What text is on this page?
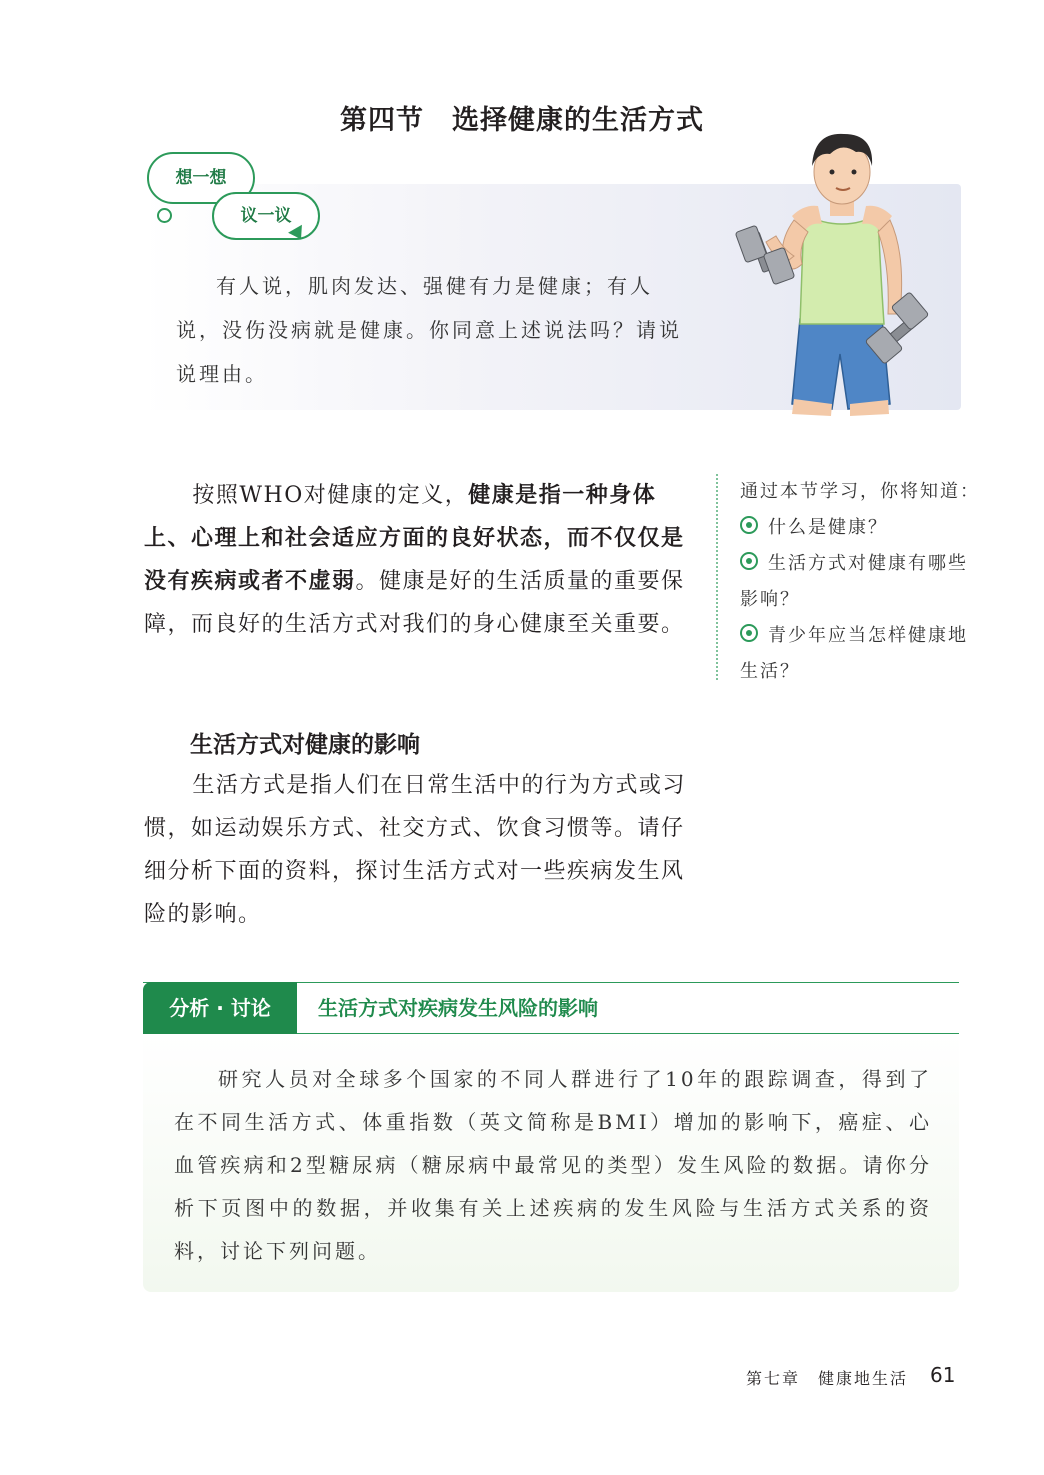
第四节　选择健康的生活方式
想一想
议一议
有人说，肌肉发达、强健有力是健康；有人说，没伤没病就是健康。你同意上述说法吗？请说说理由。
按照WHO对健康的定义，健康是指一种身体上、心理上和社会适应方面的良好状态，而不仅仅是没有疾病或者不虚弱。健康是好的生活质量的重要保障，而良好的生活方式对我们的身心健康至关重要。
通过本节学习，你将知道：
什么是健康？
生活方式对健康有哪些影响？
青少年应当怎样健康地生活？
生活方式对健康的影响
生活方式是指人们在日常生活中的行为方式或习惯，如运动娱乐方式、社交方式、饮食习惯等。请仔细分析下面的资料，探讨生活方式对一些疾病发生风险的影响。
分析 · 讨论	生活方式对疾病发生风险的影响
研究人员对全球多个国家的不同人群进行了10年的跟踪调查，得到了在不同生活方式、体重指数（英文简称是BMI）增加的影响下，癌症、心血管疾病和2型糖尿病（糖尿病中最常见的类型）发生风险的数据。请你分析下页图中的数据，并收集有关上述疾病的发生风险与生活方式关系的资料，讨论下列问题。
第七章　健康地生活 61
